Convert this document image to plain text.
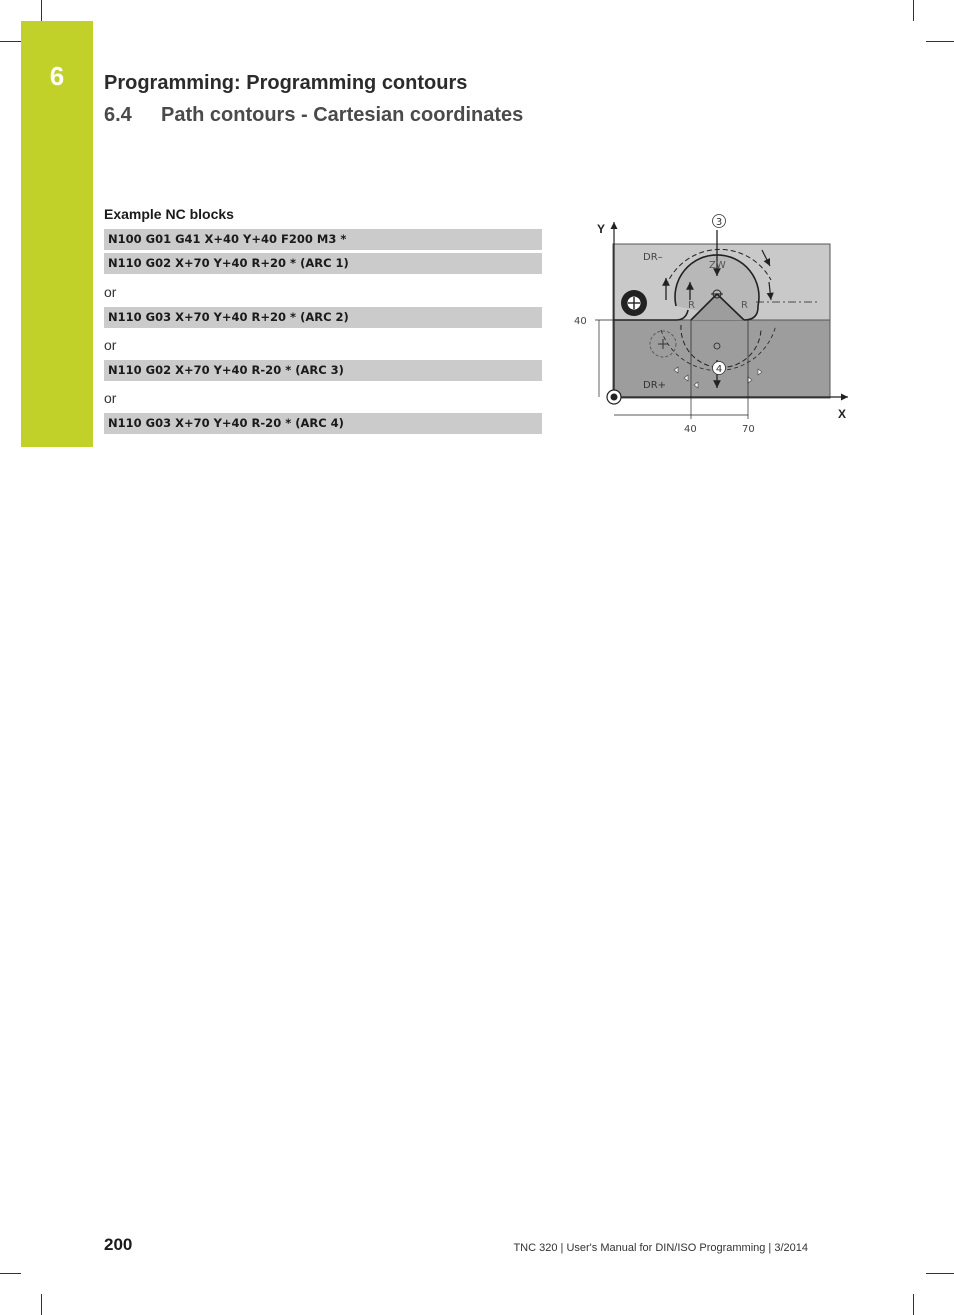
6	Programming: Programming contours
6.4 Path contours - Cartesian coordinates
Example NC blocks
N100 G01 G41 X+40 Y+40 F200 M3 *
N110 G02 X+70 Y+40 R+20 * (ARC 1)
or
N110 G03 X+70 Y+40 R+20 * (ARC 2)
or
N110 G02 X+70 Y+40 R-20 * (ARC 3)
or
N110 G03 X+70 Y+40 R-20 * (ARC 4)
3
4
DR–
DR+
ZW
R	R
Y
X
40
40	70
200	TNC 320 | User's Manual for DIN/ISO Programming | 3/2014
